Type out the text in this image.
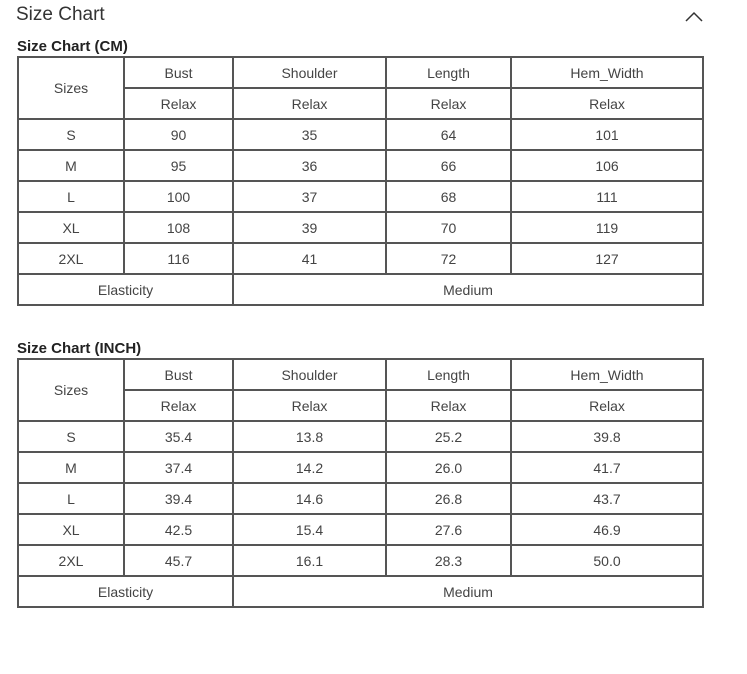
Size Chart
Size Chart (CM)
Sizes	Bust	Shoulder	Length	Hem_Width
	Relax	Relax	Relax	Relax
S	90	35	64	101
M	95	36	66	106
L	100	37	68	111
XL	108	39	70	119
2XL	116	41	72	127
Elasticity		Medium		
Size Chart (INCH)
Sizes	Bust	Shoulder	Length	Hem_Width
	Relax	Relax	Relax	Relax
S	35.4	13.8	25.2	39.8
M	37.4	14.2	26.0	41.7
L	39.4	14.6	26.8	43.7
XL	42.5	15.4	27.6	46.9
2XL	45.7	16.1	28.3	50.0
Elasticity		Medium		
